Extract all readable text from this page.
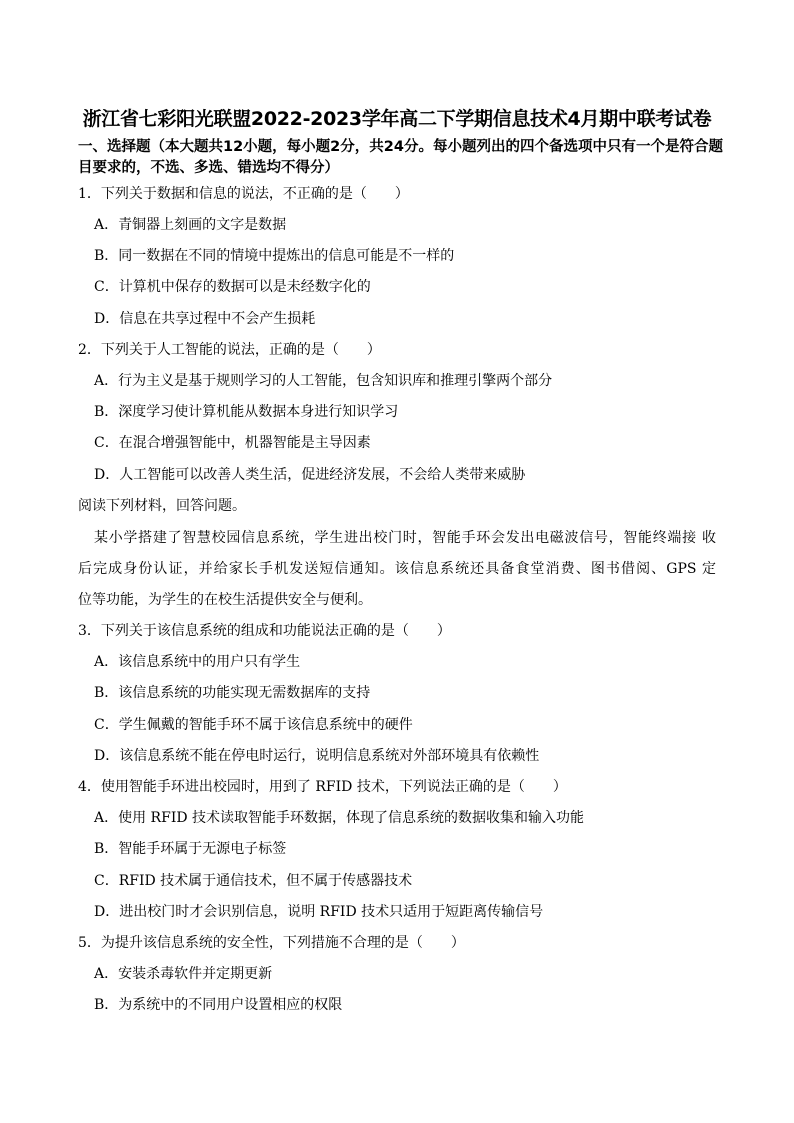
浙江省七彩阳光联盟2022-2023学年高二下学期信息技术4月期中联考试卷
一、选择题（本大题共12小题，每小题2分，共24分。每小题列出的四个备选项中只有一个是符合题目要求的，不选、多选、错选均不得分）
1．下列关于数据和信息的说法，不正确的是（　　）
A．青铜器上刻画的文字是数据
B．同一数据在不同的情境中提炼出的信息可能是不一样的
C．计算机中保存的数据可以是未经数字化的
D．信息在共享过程中不会产生损耗
2．下列关于人工智能的说法，正确的是（　　）
A．行为主义是基于规则学习的人工智能，包含知识库和推理引擎两个部分
B．深度学习使计算机能从数据本身进行知识学习
C．在混合增强智能中，机器智能是主导因素
D．人工智能可以改善人类生活，促进经济发展，不会给人类带来威胁
阅读下列材料，回答问题。
某小学搭建了智慧校园信息系统，学生进出校门时，智能手环会发出电磁波信号，智能终端接 收
后完成身份认证，并给家长手机发送短信通知。该信息系统还具备食堂消费、图书借阅、GPS 定
位等功能，为学生的在校生活提供安全与便利。
3．下列关于该信息系统的组成和功能说法正确的是（　　）
A．该信息系统中的用户只有学生
B．该信息系统的功能实现无需数据库的支持
C．学生佩戴的智能手环不属于该信息系统中的硬件
D．该信息系统不能在停电时运行，说明信息系统对外部环境具有依赖性
4．使用智能手环进出校园时，用到了 RFID 技术，下列说法正确的是（　　）
A．使用 RFID 技术读取智能手环数据，体现了信息系统的数据收集和输入功能
B．智能手环属于无源电子标签
C．RFID 技术属于通信技术，但不属于传感器技术
D．进出校门时才会识别信息，说明 RFID 技术只适用于短距离传输信号
5．为提升该信息系统的安全性，下列措施不合理的是（　　）
A．安装杀毒软件并定期更新
B．为系统中的不同用户设置相应的权限
